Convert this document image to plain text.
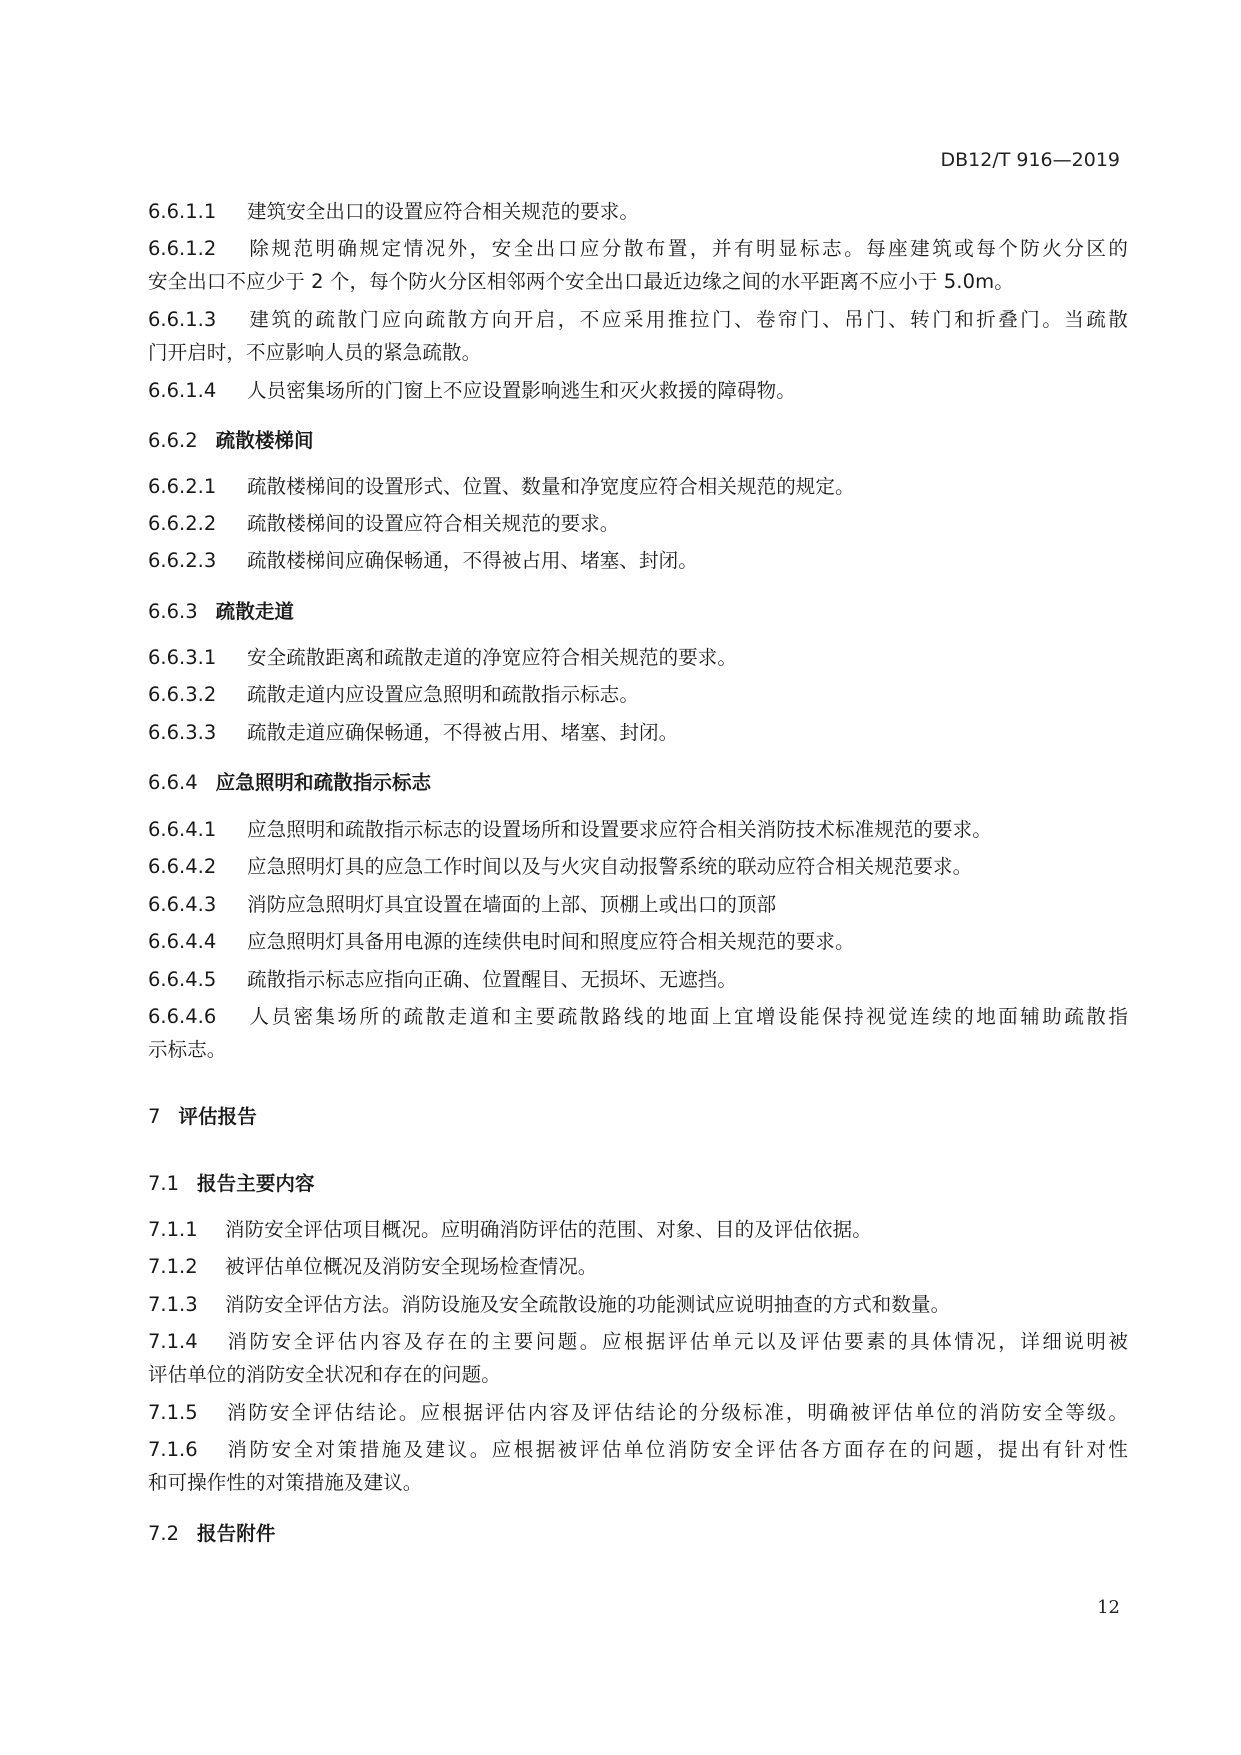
DB12/T 916—2019
6.6.1.1 建筑安全出口的设置应符合相关规范的要求。
6.6.1.2 除规范明确规定情况外，安全出口应分散布置，并有明显标志。每座建筑或每个防火分区的
安全出口不应少于 2 个，每个防火分区相邻两个安全出口最近边缘之间的水平距离不应小于 5.0m。
6.6.1.3 建筑的疏散门应向疏散方向开启，不应采用推拉门、卷帘门、吊门、转门和折叠门。当疏散
门开启时，不应影响人员的紧急疏散。
6.6.1.4 人员密集场所的门窗上不应设置影响逃生和灭火救援的障碍物。
6.6.2 疏散楼梯间
6.6.2.1 疏散楼梯间的设置形式、位置、数量和净宽度应符合相关规范的规定。
6.6.2.2 疏散楼梯间的设置应符合相关规范的要求。
6.6.2.3 疏散楼梯间应确保畅通，不得被占用、堵塞、封闭。
6.6.3 疏散走道
6.6.3.1 安全疏散距离和疏散走道的净宽应符合相关规范的要求。
6.6.3.2 疏散走道内应设置应急照明和疏散指示标志。
6.6.3.3 疏散走道应确保畅通，不得被占用、堵塞、封闭。
6.6.4 应急照明和疏散指示标志
6.6.4.1 应急照明和疏散指示标志的设置场所和设置要求应符合相关消防技术标准规范的要求。
6.6.4.2 应急照明灯具的应急工作时间以及与火灾自动报警系统的联动应符合相关规范要求。
6.6.4.3 消防应急照明灯具宜设置在墙面的上部、顶棚上或出口的顶部
6.6.4.4 应急照明灯具备用电源的连续供电时间和照度应符合相关规范的要求。
6.6.4.5 疏散指示标志应指向正确、位置醒目、无损坏、无遮挡。
6.6.4.6 人员密集场所的疏散走道和主要疏散路线的地面上宜增设能保持视觉连续的地面辅助疏散指
示标志。
7 评估报告
7.1 报告主要内容
7.1.1 消防安全评估项目概况。应明确消防评估的范围、对象、目的及评估依据。
7.1.2 被评估单位概况及消防安全现场检查情况。
7.1.3 消防安全评估方法。消防设施及安全疏散设施的功能测试应说明抽查的方式和数量。
7.1.4 消防安全评估内容及存在的主要问题。应根据评估单元以及评估要素的具体情况，详细说明被
评估单位的消防安全状况和存在的问题。
7.1.5 消防安全评估结论。应根据评估内容及评估结论的分级标准，明确被评估单位的消防安全等级。
7.1.6 消防安全对策措施及建议。应根据被评估单位消防安全评估各方面存在的问题，提出有针对性
和可操作性的对策措施及建议。
7.2 报告附件
12
